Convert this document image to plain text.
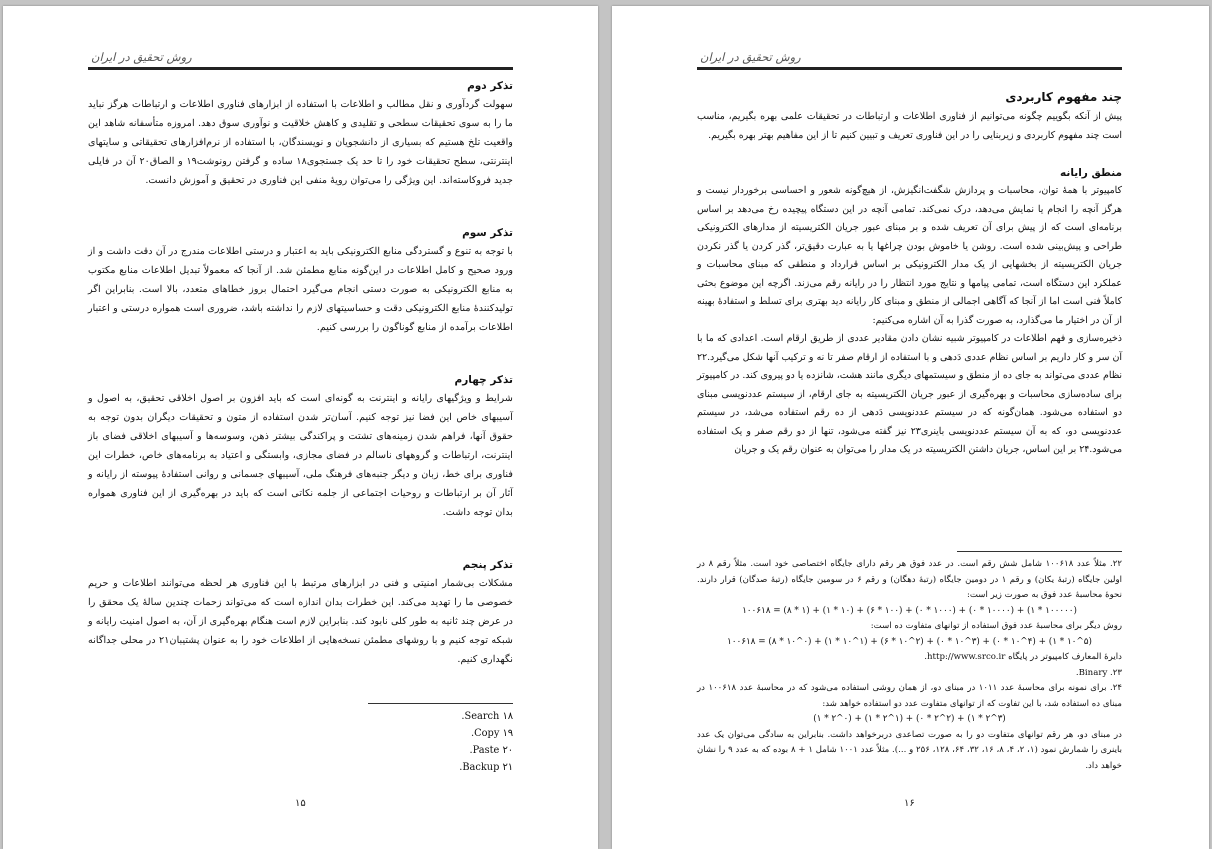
روش تحقیق در ایران

تذکر دوم

سهولت گردآوری و نقل مطالب و اطلاعات با استفاده از ابزارهای فناوری اطلاعات و ارتباطات هرگز نباید ما را به سوی تحقیقات سطحی و تقلیدی و کاهش خلاقیت و نوآوری سوق دهد. امروزه متأسفانه شاهد این واقعیت تلخ هستیم که بسیاری از دانشجویان و نویسندگان، با استفاده از نرم‌افزارهای تحقیقاتی و سایتهای اینترنتی، سطح تحقیقات خود را تا حد یک جستجوی۱۸ ساده و گرفتن رونوشت۱۹ و الصاق۲۰ آن در فایلی جدید فروکاسته‌اند. این ویژگی را می‌توان رویهٔ منفی این فناوری در تحقیق و آموزش دانست.

تذکر سوم

با توجه به تنوع و گستردگی منابع الکترونیکی باید به اعتبار و درستی اطلاعات مندرج در آن دقت داشت و از ورود صحیح و کامل اطلاعات در این‌گونه منابع مطمئن شد. از آنجا که معمولاً تبدیل اطلاعات منابع مکتوب به منابع الکترونیکی به صورت دستی انجام می‌گیرد احتمال بروز خطاهای متعدد، بالا است. بنابراین اگر تولیدکنندهٔ منابع الکترونیکی دقت و حساسیتهای لازم را نداشته باشد، ضروری است همواره درستی و اعتبار اطلاعات برآمده از منابع گوناگون را بررسی کنیم.

تذکر چهارم

شرایط و ویژگیهای رایانه و اینترنت به گونه‌ای است که باید افزون بر اصول اخلاقی تحقیق، به اصول و آسیبهای خاص این فضا نیز توجه کنیم. آسان‌تر شدن استفاده از متون و تحقیقات دیگران بدون توجه به حقوق آنها، فراهم شدن زمینه‌های تشتت و پراکندگی بیشتر ذهن، وسوسه‌ها و آسیبهای اخلاقی فضای باز اینترنت، ارتباطات و گروههای ناسالم در فضای مجازی، وابستگی و اعتیاد به برنامه‌های خاص، خطرات این فناوری برای خط، زبان و دیگر جنبه‌های فرهنگ ملی، آسیبهای جسمانی و روانی استفادهٔ پیوسته از رایانه و آثار آن بر ارتباطات و روحیات اجتماعی از جلمه نکاتی است که باید در بهره‌گیری از این فناوری همواره بدان توجه داشت.

تذکر پنجم

مشکلات بی‌شمار امنیتی و فنی در ابزارهای مرتبط با این فناوری هر لحظه می‌توانند اطلاعات و حریم خصوصی ما را تهدید می‌کند. این خطرات بدان اندازه است که می‌تواند زحمات چندین سالهٔ یک محقق را در عرض چند ثانیه به طور کلی نابود کند. بنابراین لازم است هنگام بهره‌گیری از آن، به اصول امنیت رایانه و شبکه توجه کنیم و با روشهای مطمئن نسخه‌هایی از اطلاعات خود را به عنوان پشتیبان۲۱ در محلی جداگانه نگهداری کنیم.

.Search ۱۸
.Copy ۱۹
.Paste ۲۰
.Backup ۲۱
۱۵
روش تحقیق در ایران

چند مفهوم کاربردی

پیش از آنکه بگوییم چگونه می‌توانیم از فناوری اطلاعات و ارتباطات در تحقیقات علمی بهره بگیریم، مناسب است چند مفهوم کاربردی و زیربنایی را در این فناوری تعریف و تبیین کنیم تا از این مفاهیم بهتر بهره بگیریم.

منطق رایانه

کامپیوتر با همهٔ توان، محاسبات و پردازش شگفت‌انگیزش، از هیچ‌گونه شعور و احساسی برخوردار نیست و هرگز آنچه را انجام یا نمایش می‌دهد، درک نمی‌کند. تمامی آنچه در این دستگاه پیچیده رخ می‌دهد بر اساس برنامه‌ای است که از پیش برای آن تعریف شده و بر مبنای عبور جریان الکتریسیته از مدارهای الکترونیکی طراحی و پیش‌بینی شده است. روشن یا خاموش بودن چراغها یا به عبارت دقیق‌تر، گذر کردن یا گذر نکردن جریان الکتریسیته از بخشهایی از یک مدار الکترونیکی بر اساس قرارداد و منطقی که مبنای محاسبات و عملکرد این دستگاه است، تمامی پیامها و نتایج مورد انتظار را در رایانه رقم می‌زند. اگرچه این موضوع بحثی کاملاً فنی است اما از آنجا که آگاهی اجمالی از منطق و مبنای کار رایانه دید بهتری برای تسلط و استفادهٔ بهینه از آن در اختیار ما می‌گذارد، به صورت گذرا به آن اشاره می‌کنیم:

ذخیره‌سازی و فهم اطلاعات در کامپیوتر شبیه نشان دادن مقادیر عددی از طریق ارقام است. اعدادی که ما با آن سر و کار داریم بر اساس نظام عددی دَدهی و با استفاده از ارقام صفر تا نه و ترکیب آنها شکل می‌گیرد.۲۲ نظام عددی می‌تواند به جای ده از منطق و سیستمهای دیگری مانند هشت، شانزده یا دو پیروی کند. در کامپیوتر برای ساده‌سازی محاسبات و بهره‌گیری از عبور جریان الکتریسیته به جای ارقام، از سیستم عددنویسی مبنای دو استفاده می‌شود. همان‌گونه که در سیستم عددنویسی دَدهی از ده رقم استفاده می‌شد، در سیستم عددنویسی دو، که به آن سیستم عددنویسی باینری۲۳ نیز گفته می‌شود، تنها از دو رقم صفر و یک استفاده می‌شود.۲۴ بر این اساس، جریان داشتن الکتریسیته در یک مدار را می‌توان به عنوان رقم یک و جریان

۲۲. مثلاً عدد ۱۰۰۶۱۸ شامل شش رقم است. در عدد فوق هر رقم دارای جایگاه اختصاصی خود است. مثلاً رقم ۸ در اولین جایگاه (رتبهٔ یکان) و رقم ۱ در دومین جایگاه (رتبهٔ دهگان) و رقم ۶ در سومین جایگاه (رتبهٔ صدگان) قرار دارند. نحوهٔ محاسبهٔ عدد فوق به صورت زیر است:
۱۰۰۶۱۸ = (۸ * ۱) + (۱ * ۱۰) + (۶ * ۱۰۰) + (۰ * ۱۰۰۰) + (۰ * ۱۰۰۰۰) + (۱ * ۱۰۰۰۰۰)
روش دیگر برای محاسبهٔ عدد فوق استفاده از توانهای متفاوت ده است:
۱۰۰۶۱۸ = (۸ * ۱۰^۰) + (۱ * ۱۰^۱) + (۶ * ۱۰^۲) + (۰ * ۱۰^۳) + (۰ * ۱۰^۴) + (۱ * ۱۰^۵)
دایرهٔ المعارف کامپیوتر در پایگاه http://www.srco.ir.
۲۳. Binary.
۲۴. برای نمونه برای محاسبهٔ عدد ۱۰۱۱ در مبنای دو، از همان روشی استفاده می‌شود که در محاسبهٔ عدد ۱۰۰۶۱۸ در مبنای ده استفاده شد، با این تفاوت که از توانهای متفاوت عدد دو استفاده خواهد شد:
(۱ * ۲^۰) + (۱ * ۲^۱) + (۰ * ۲^۲) + (۱ * ۲^۳)
در مبنای دو، هر رقم توانهای متفاوت دو را به صورت تصاعدی دربرخواهد داشت. بنابراین به سادگی می‌توان یک عدد باینری را شمارش نمود (۱، ۲، ۴، ۸، ۱۶، ۳۲، ۶۴، ۱۲۸، ۲۵۶ و ...). مثلاً عدد ۱۰۰۱ شامل ۱ + ۸ بوده که به عدد ۹ را نشان خواهد داد.
۱۶
